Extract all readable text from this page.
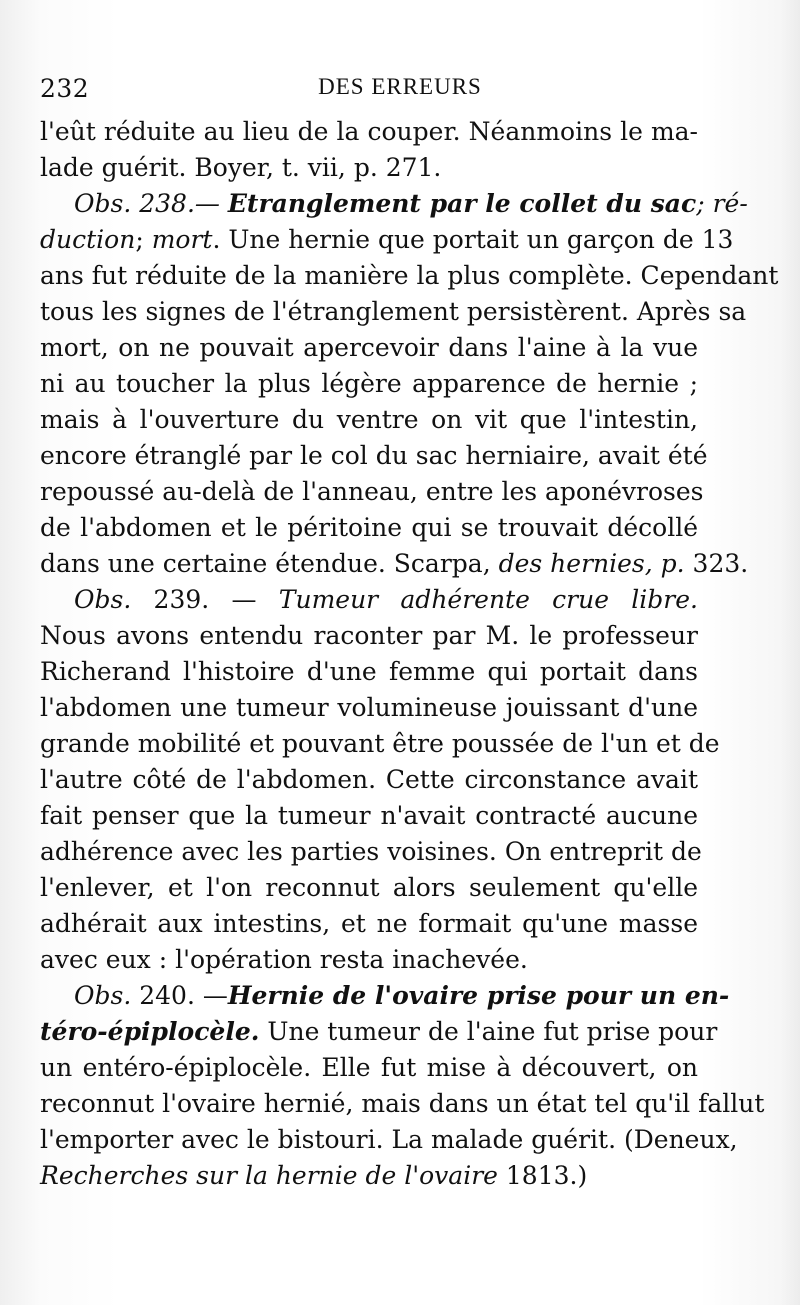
232	DES ERREURS
l'eût réduite au lieu de la couper. Néanmoins le ma-
lade guérit. Boyer, t. vii, p. 271.
Obs. 238.— Etranglement par le collet du sac; ré-
duction; mort. Une hernie que portait un garçon de 13
ans fut réduite de la manière la plus complète. Cependant
tous les signes de l'étranglement persistèrent. Après sa
mort, on ne pouvait apercevoir dans l'aine à la vue
ni au toucher la plus légère apparence de hernie ;
mais à l'ouverture du ventre on vit que l'intestin,
encore étranglé par le col du sac herniaire, avait été
repoussé au-delà de l'anneau, entre les aponévroses
de l'abdomen et le péritoine qui se trouvait décollé
dans une certaine étendue. Scarpa, des hernies, p. 323.
Obs. 239. — Tumeur adhérente crue libre.
Nous avons entendu raconter par M. le professeur
Richerand l'histoire d'une femme qui portait dans
l'abdomen une tumeur volumineuse jouissant d'une
grande mobilité et pouvant être poussée de l'un et de
l'autre côté de l'abdomen. Cette circonstance avait
fait penser que la tumeur n'avait contracté aucune
adhérence avec les parties voisines. On entreprit de
l'enlever, et l'on reconnut alors seulement qu'elle
adhérait aux intestins, et ne formait qu'une masse
avec eux : l'opération resta inachevée.
Obs. 240. —Hernie de l'ovaire prise pour un en-
téro-épiplocèle. Une tumeur de l'aine fut prise pour
un entéro-épiplocèle. Elle fut mise à découvert, on
reconnut l'ovaire hernié, mais dans un état tel qu'il fallut
l'emporter avec le bistouri. La malade guérit. (Deneux,
Recherches sur la hernie de l'ovaire 1813.)
